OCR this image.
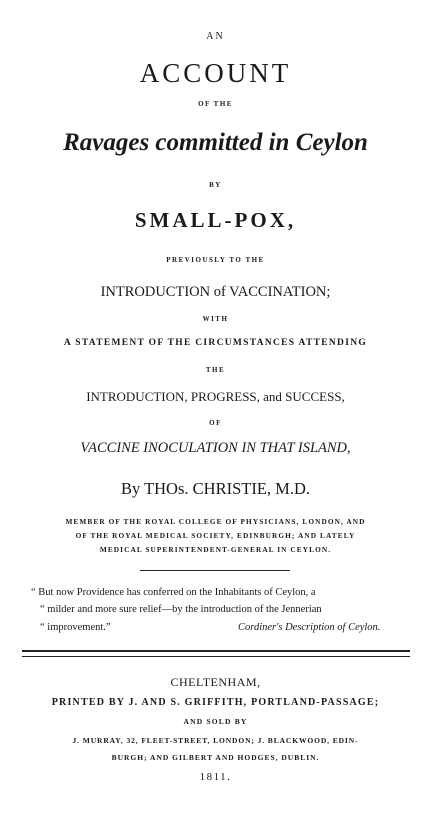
AN
ACCOUNT
OF THE
Ravages committed in Ceylon
BY
SMALL-POX,
PREVIOUSLY TO THE
INTRODUCTION of VACCINATION;
WITH
A STATEMENT OF THE CIRCUMSTANCES ATTENDING
THE
INTRODUCTION, PROGRESS, and SUCCESS,
OF
VACCINE INOCULATION IN THAT ISLAND,
By THOs. CHRISTIE, M.D.
MEMBER OF THE ROYAL COLLEGE OF PHYSICIANS, LONDON, AND
OF THE ROYAL MEDICAL SOCIETY, EDINBURGH; AND LATELY
MEDICAL SUPERINTENDENT-GENERAL IN CEYLON.
“ But now Providence has conferred on the Inhabitants of Ceylon, a
“ milder and more sure relief—by the introduction of the Jennerian
“ improvement.”	Cordiner's Description of Ceylon.
CHELTENHAM,
PRINTED BY J. AND S. GRIFFITH, PORTLAND-PASSAGE;
AND SOLD BY
J. MURRAY, 32, FLEET-STREET, LONDON; J. BLACKWOOD, EDIN-
BURGH; AND GILBERT AND HODGES, DUBLIN.
1811.
